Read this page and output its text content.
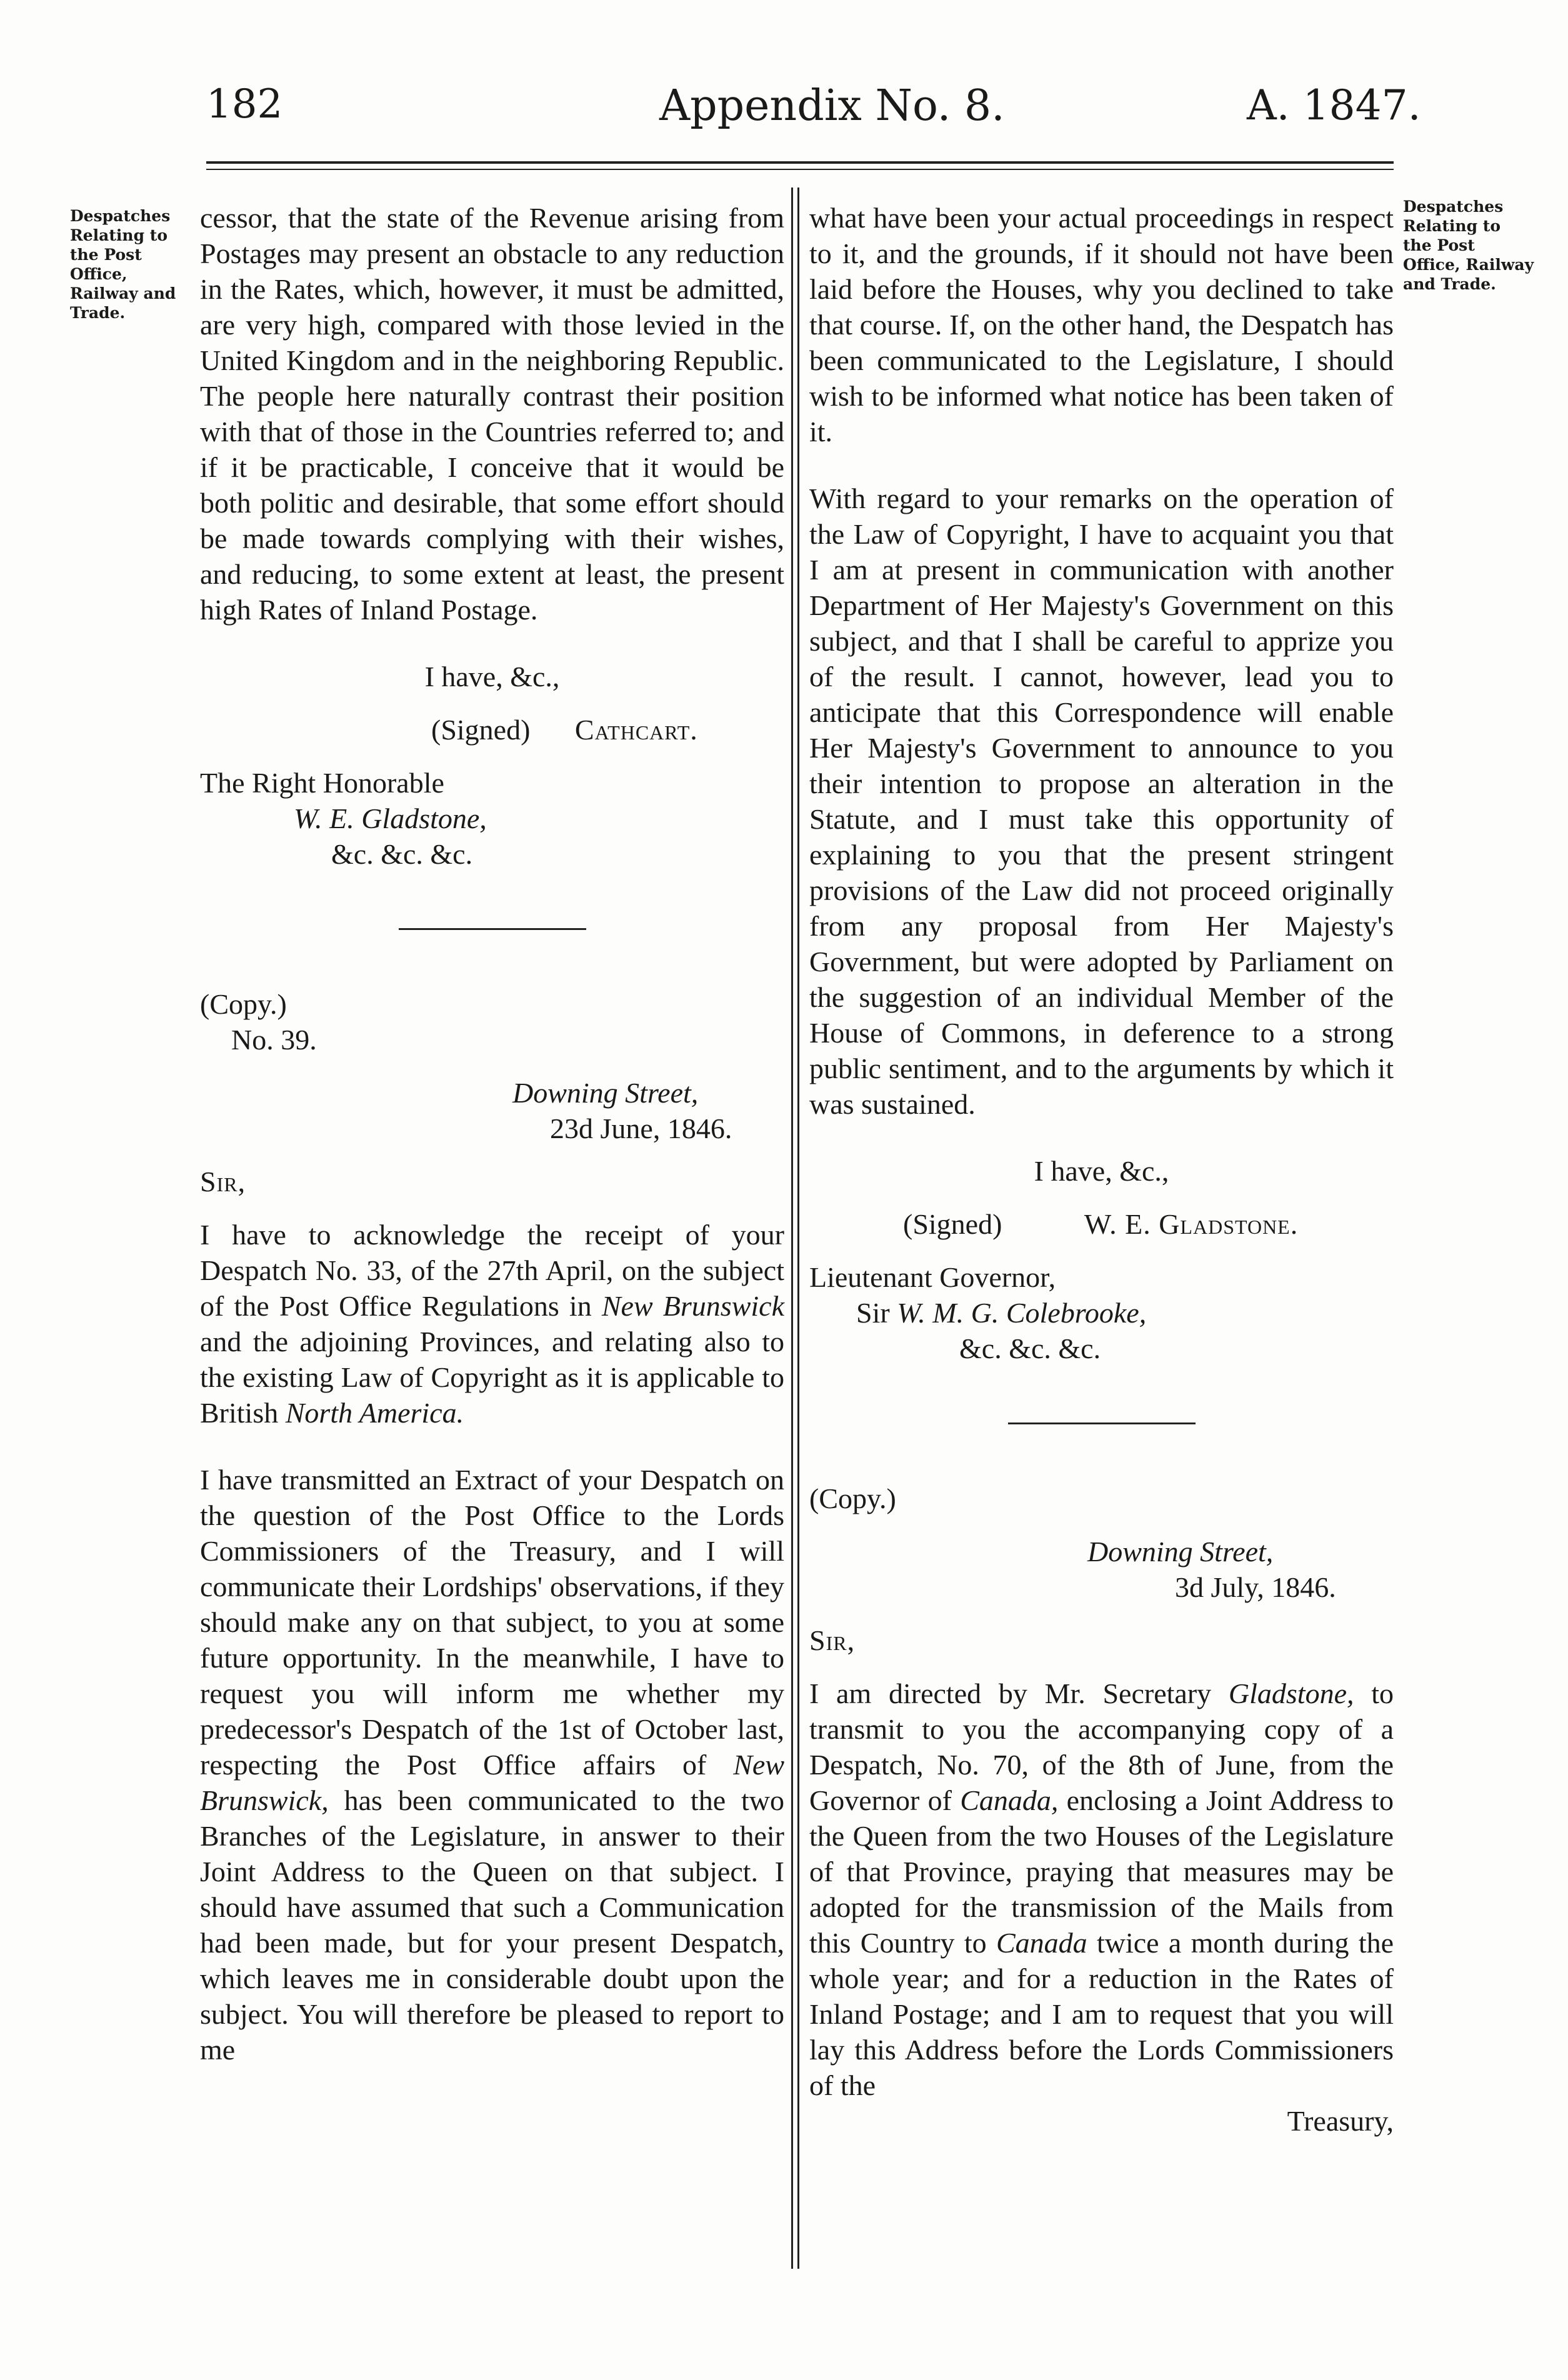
182	Appendix No. 8.	A. 1847.
Despatches Relating to the Post Office, Railway and Trade.
Despatches Relating to the Post Office, Railway and Trade.

cessor, that the state of the Revenue arising from Postages may present an obstacle to any reduction in the Rates, which, however, it must be admitted, are very high, compared with those levied in the United Kingdom and in the neighboring Republic. The people here naturally contrast their position with that of those in the Countries referred to; and if it be practicable, I conceive that it would be both politic and desirable, that some effort should be made towards complying with their wishes, and reducing, to some extent at least, the present high Rates of Inland Postage.

I have, &c.,

(Signed) Cathcart.

The Right Honorable

W. E. Gladstone,

&c. &c. &c.

(Copy.)

No. 39.

Downing Street,

23d June, 1846.

Sir,

I have to acknowledge the receipt of your Despatch No. 33, of the 27th April, on the subject of the Post Office Regulations in New Brunswick and the adjoining Provinces, and relating also to the existing Law of Copyright as it is applicable to British North America.

I have transmitted an Extract of your Despatch on the question of the Post Office to the Lords Commissioners of the Treasury, and I will communicate their Lordships' observations, if they should make any on that subject, to you at some future opportunity. In the meanwhile, I have to request you will inform me whether my predecessor's Despatch of the 1st of October last, respecting the Post Office affairs of New Brunswick, has been communicated to the two Branches of the Legislature, in answer to their Joint Address to the Queen on that subject. I should have assumed that such a Communication had been made, but for your present Despatch, which leaves me in considerable doubt upon the subject. You will therefore be pleased to report to me

what have been your actual proceedings in respect to it, and the grounds, if it should not have been laid before the Houses, why you declined to take that course. If, on the other hand, the Despatch has been communicated to the Legislature, I should wish to be informed what notice has been taken of it.

With regard to your remarks on the operation of the Law of Copyright, I have to acquaint you that I am at present in communication with another Department of Her Majesty's Government on this subject, and that I shall be careful to apprize you of the result. I cannot, however, lead you to anticipate that this Correspondence will enable Her Majesty's Government to announce to you their intention to propose an alteration in the Statute, and I must take this opportunity of explaining to you that the present stringent provisions of the Law did not proceed originally from any proposal from Her Majesty's Government, but were adopted by Parliament on the suggestion of an individual Member of the House of Commons, in deference to a strong public sentiment, and to the arguments by which it was sustained.

I have, &c.,

(Signed)	W. E. Gladstone.

Lieutenant Governor,

Sir W. M. G. Colebrooke,

&c. &c. &c.

(Copy.)

Downing Street,

3d July, 1846.

Sir,

I am directed by Mr. Secretary Gladstone, to transmit to you the accompanying copy of a Despatch, No. 70, of the 8th of June, from the Governor of Canada, enclosing a Joint Address to the Queen from the two Houses of the Legislature of that Province, praying that measures may be adopted for the transmission of the Mails from this Country to Canada twice a month during the whole year; and for a reduction in the Rates of Inland Postage; and I am to request that you will lay this Address before the Lords Commissioners of the

Treasury,
